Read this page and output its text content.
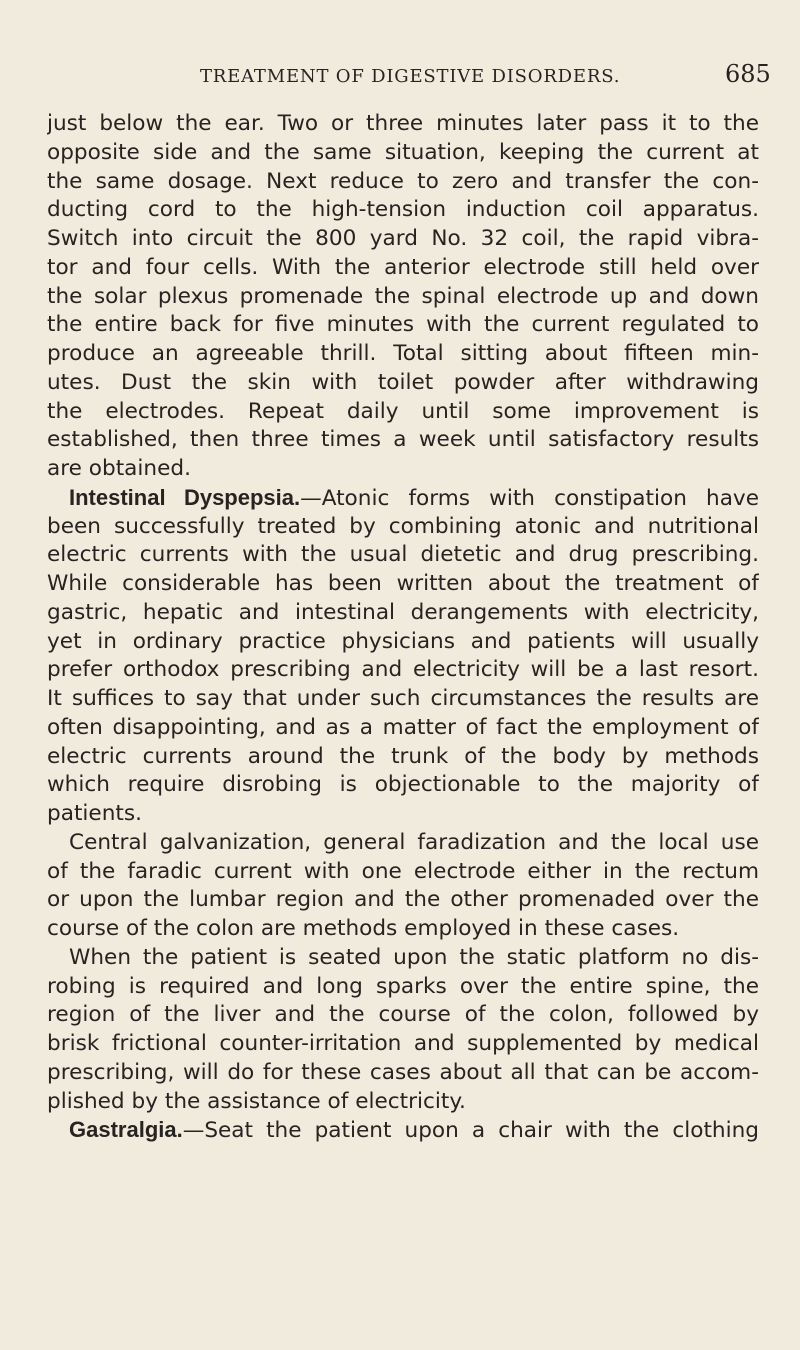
TREATMENT OF DIGESTIVE DISORDERS.	685
just below the ear. Two or three minutes later pass it to the
opposite side and the same situation, keeping the current at
the same dosage. Next reduce to zero and transfer the con-
ducting cord to the high-tension induction coil apparatus.
Switch into circuit the 800 yard No. 32 coil, the rapid vibra-
tor and four cells. With the anterior electrode still held over
the solar plexus promenade the spinal electrode up and down
the entire back for five minutes with the current regulated to
produce an agreeable thrill. Total sitting about fifteen min-
utes. Dust the skin with toilet powder after withdrawing
the electrodes. Repeat daily until some improvement is
established, then three times a week until satisfactory results
are obtained.
Intestinal Dyspepsia.—Atonic forms with constipation have
been successfully treated by combining atonic and nutritional
electric currents with the usual dietetic and drug prescribing.
While considerable has been written about the treatment of
gastric, hepatic and intestinal derangements with electricity,
yet in ordinary practice physicians and patients will usually
prefer orthodox prescribing and electricity will be a last resort.
It suffices to say that under such circumstances the results are
often disappointing, and as a matter of fact the employment of
electric currents around the trunk of the body by methods
which require disrobing is objectionable to the majority of
patients.
Central galvanization, general faradization and the local use
of the faradic current with one electrode either in the rectum
or upon the lumbar region and the other promenaded over the
course of the colon are methods employed in these cases.
When the patient is seated upon the static platform no dis-
robing is required and long sparks over the entire spine, the
region of the liver and the course of the colon, followed by
brisk frictional counter-irritation and supplemented by medical
prescribing, will do for these cases about all that can be accom-
plished by the assistance of electricity.
Gastralgia.—Seat the patient upon a chair with the clothing
